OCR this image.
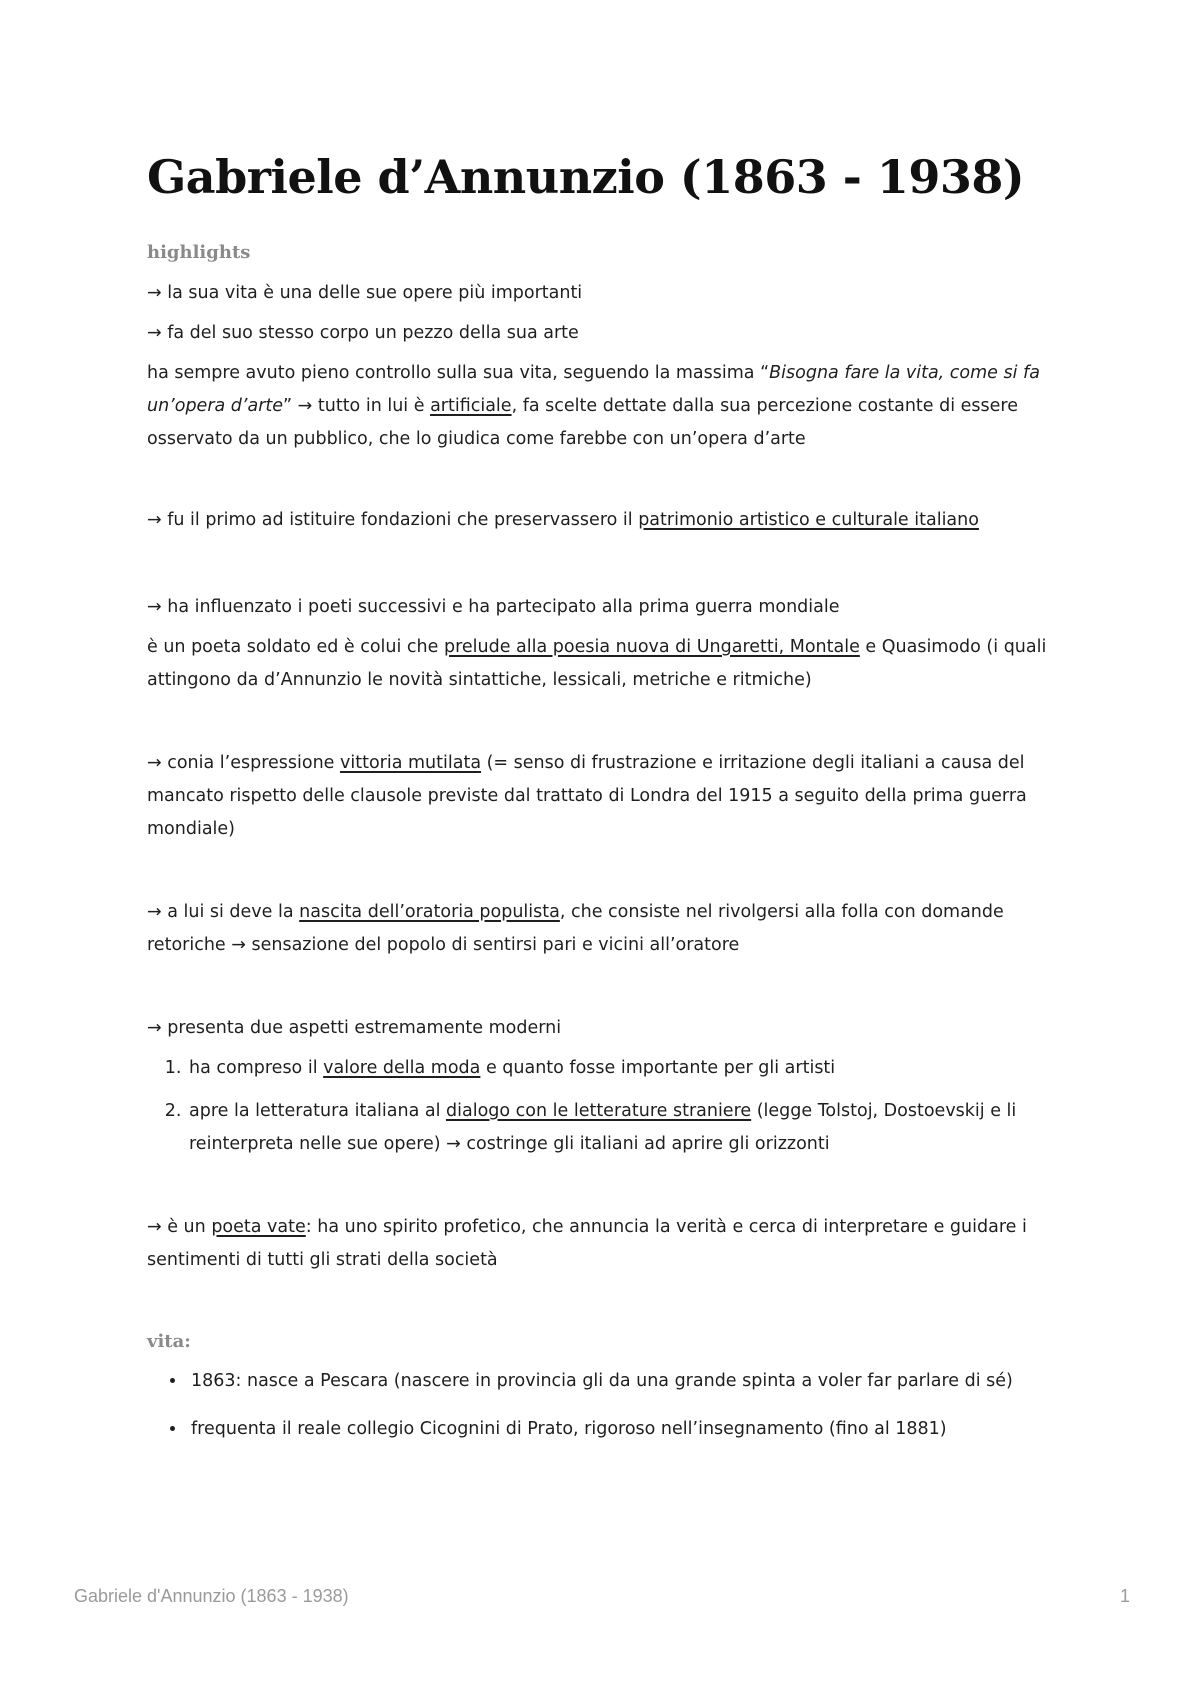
Gabriele d’Annunzio (1863 - 1938)

highlights

→ la sua vita è una delle sue opere più importanti

→ fa del suo stesso corpo un pezzo della sua arte

ha sempre avuto pieno controllo sulla sua vita, seguendo la massima “Bisogna fare la vita, come si fa un’opera d’arte” → tutto in lui è artificiale, fa scelte dettate dalla sua percezione costante di essere osservato da un pubblico, che lo giudica come farebbe con un’opera d’arte

→ fu il primo ad istituire fondazioni che preservassero il patrimonio artistico e culturale italiano

→ ha influenzato i poeti successivi e ha partecipato alla prima guerra mondiale

è un poeta soldato ed è colui che prelude alla poesia nuova di Ungaretti, Montale e Quasimodo (i quali attingono da d’Annunzio le novità sintattiche, lessicali, metriche e ritmiche)

→ conia l’espressione vittoria mutilata (= senso di frustrazione e irritazione degli italiani a causa del mancato rispetto delle clausole previste dal trattato di Londra del 1915 a seguito della prima guerra mondiale)

→ a lui si deve la nascita dell’oratoria populista, che consiste nel rivolgersi alla folla con domande retoriche → sensazione del popolo di sentirsi pari e vicini all’oratore

→ presenta due aspetti estremamente moderni

1. ha compreso il valore della moda e quanto fosse importante per gli artisti
2. apre la letteratura italiana al dialogo con le letterature straniere (legge Tolstoj, Dostoevskij e li reinterpreta nelle sue opere) → costringe gli italiani ad aprire gli orizzonti

→ è un poeta vate: ha uno spirito profetico, che annuncia la verità e cerca di interpretare e guidare i sentimenti di tutti gli strati della società

vita:

• 1863: nasce a Pescara (nascere in provincia gli da una grande spinta a voler far parlare di sé)
• frequenta il reale collegio Cicognini di Prato, rigoroso nell’insegnamento (fino al 1881)
Gabriele d'Annunzio (1863 - 1938)	1
